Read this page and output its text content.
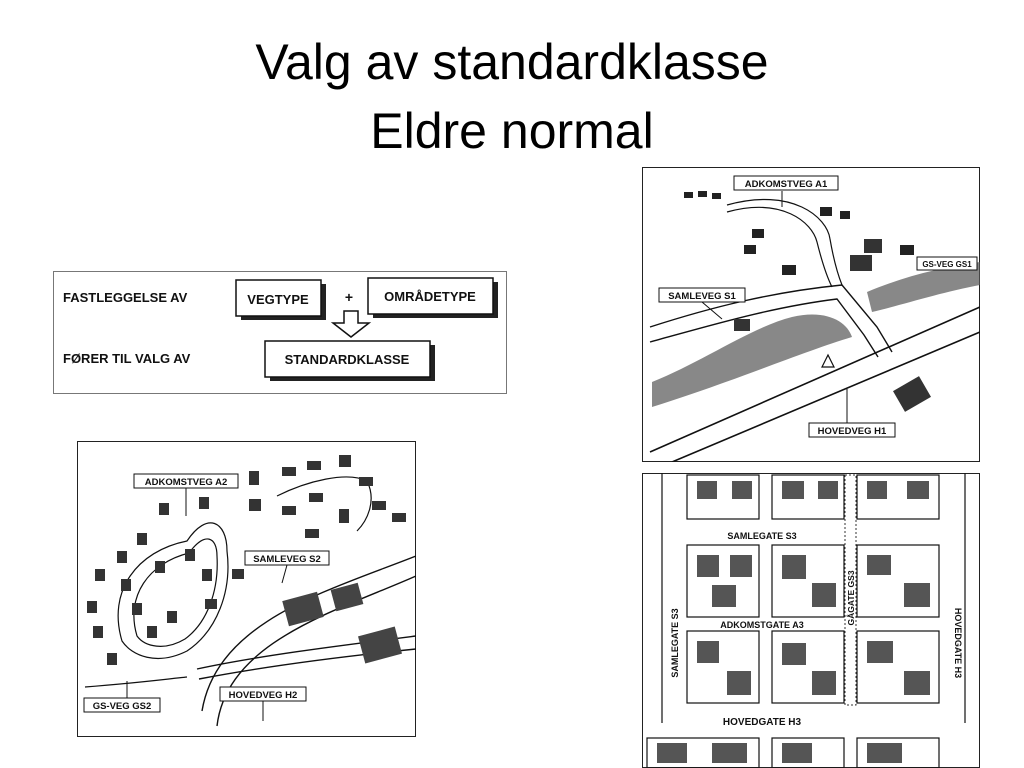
Valg av standardklasse
Eldre normal
FASTLEGGELSE AV
FØRER TIL VALG AV
VEGTYPE	+ OMRÅDETYPE
STANDARDKLASSE
ADKOMSTVEG A1
GS-VEG GS1
SAMLEVEG S1
HOVEDVEG H1
ADKOMSTVEG A2
SAMLEVEG S2
GS-VEG GS2
HOVEDVEG H2
SAMLEGATE S3
ADKOMSTGATE A3
HOVEDGATE H3
SAMLEGATE S3
GÅGATE GS3
HOVEDGATE H3
